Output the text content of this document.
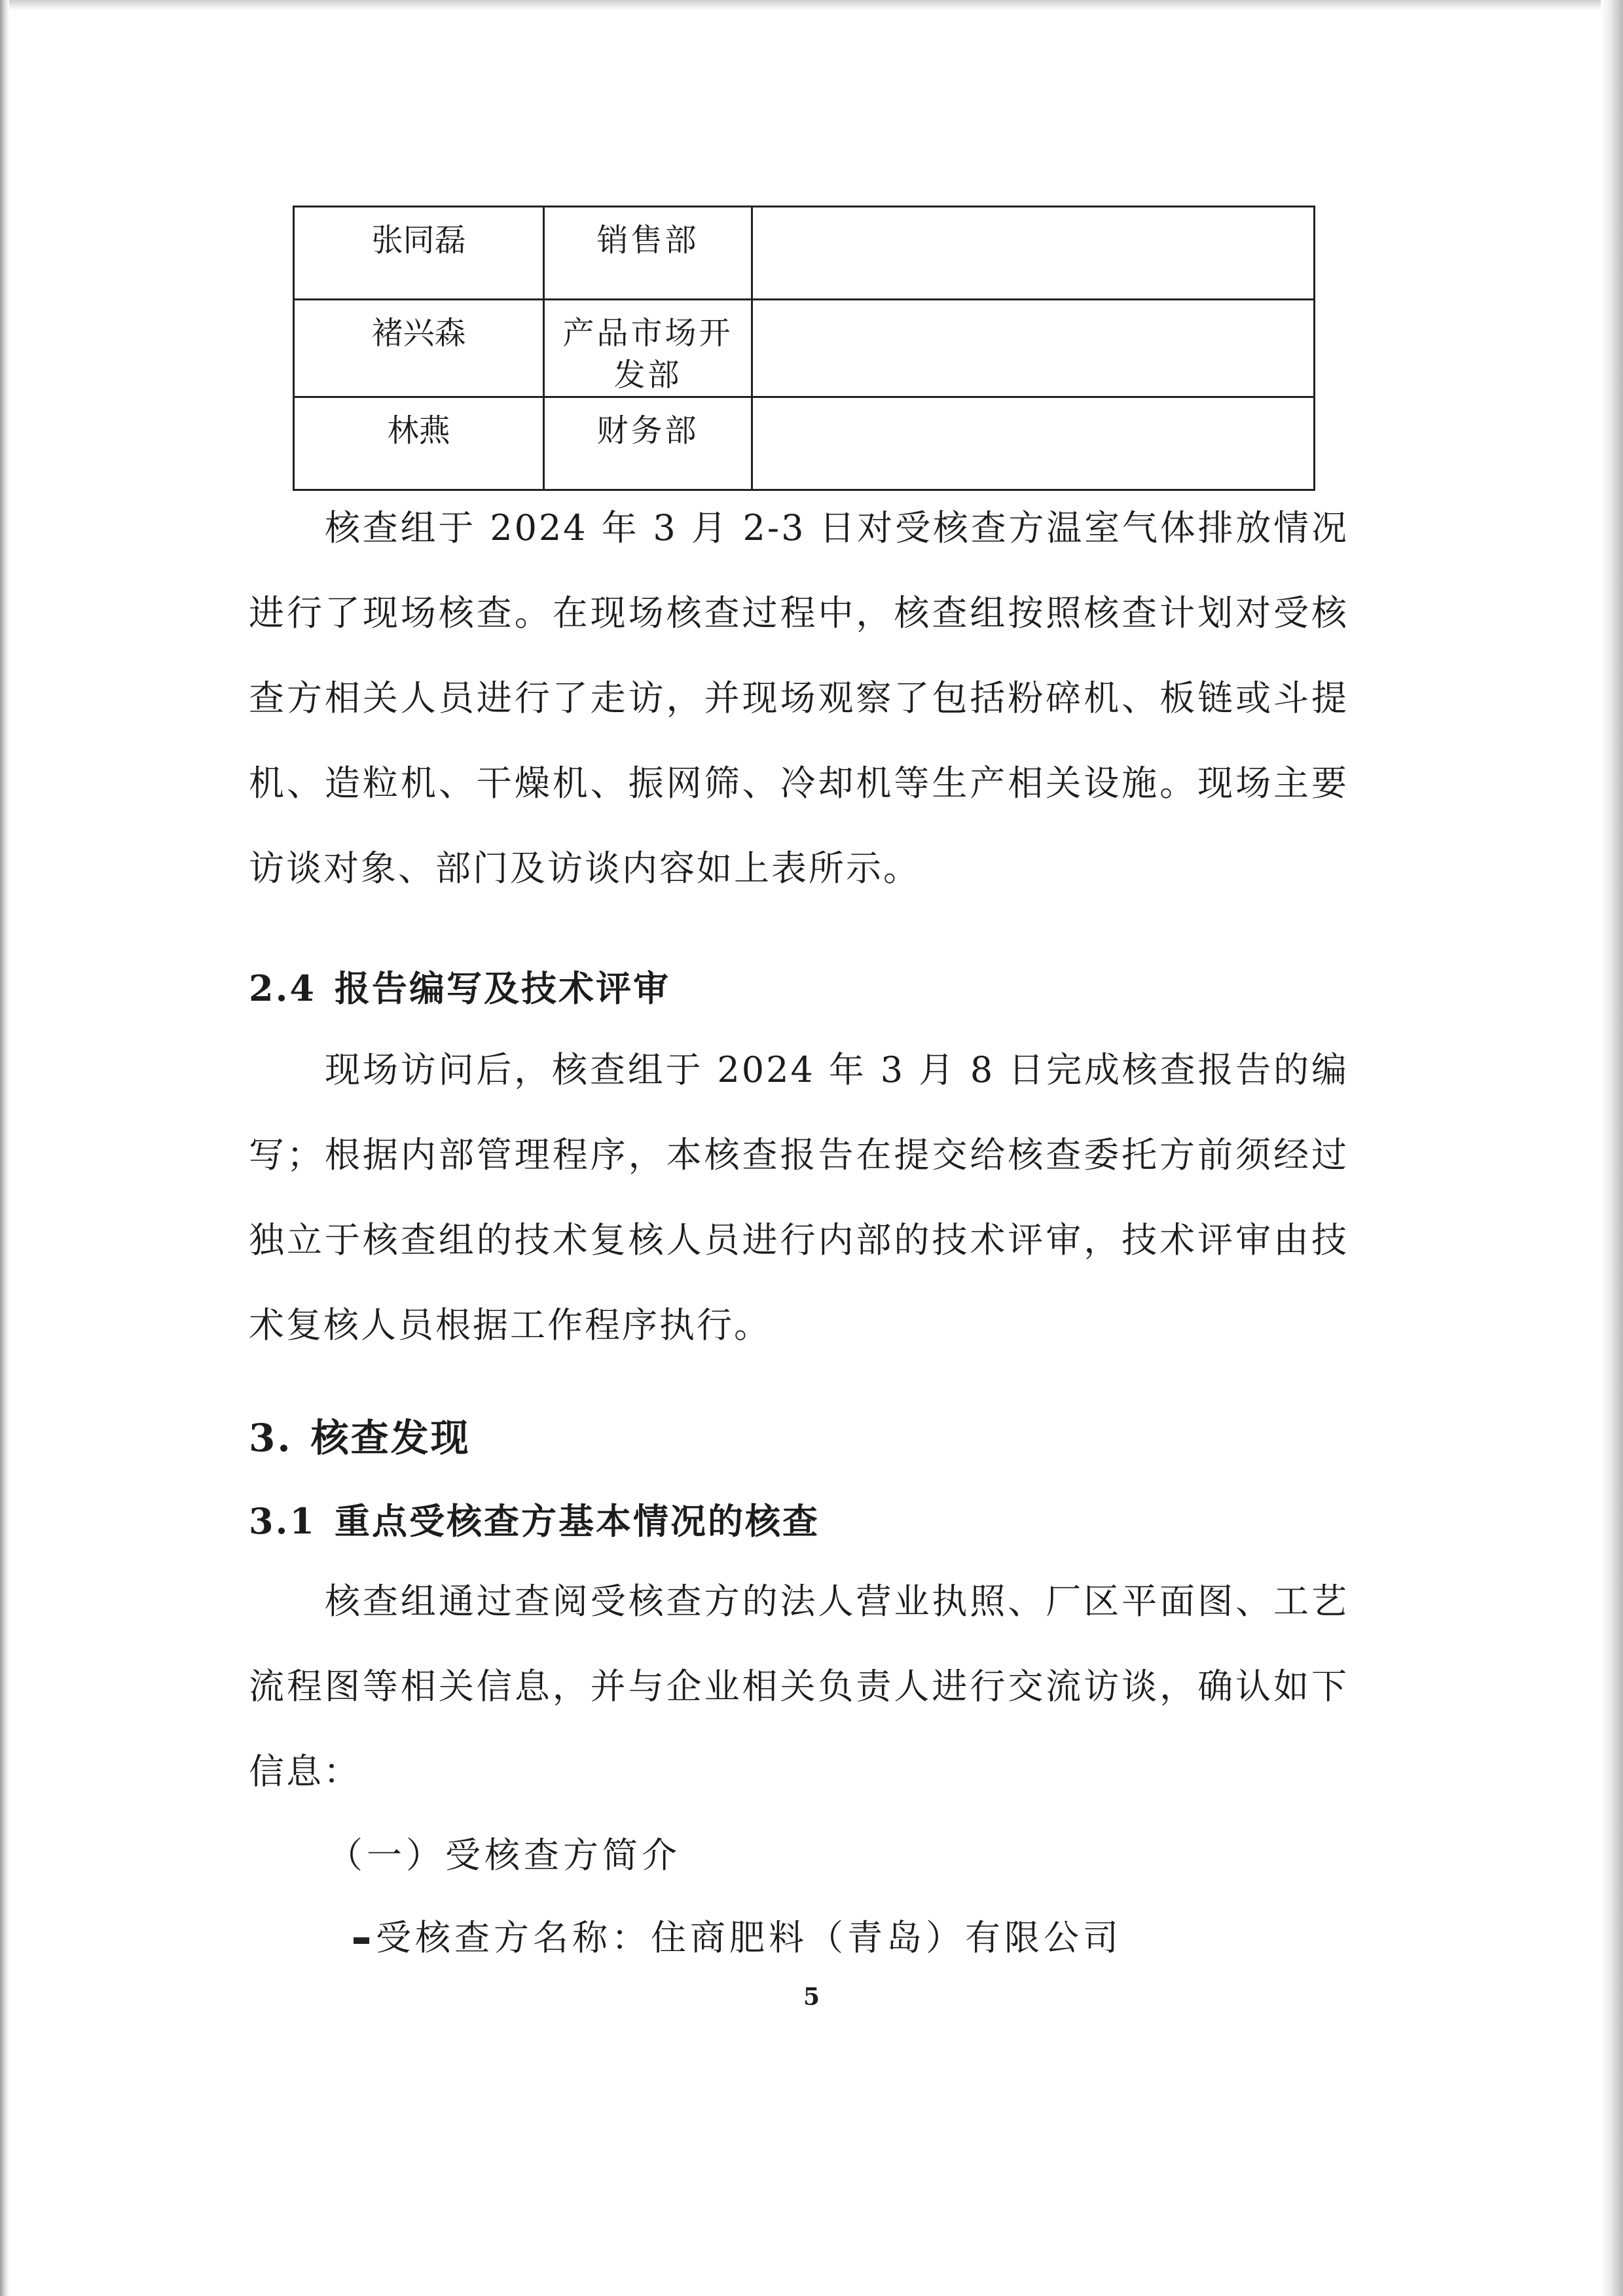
张同磊	销售部	

褚兴森	产品市场开
发部	

林燕	财务部	

核查组于 2024 年 3 月 2-3 日对受核查方温室气体排放情况进行了现场核查。在现场核查过程中，核查组按照核查计划对受核查方相关人员进行了走访，并现场观察了包括粉碎机、板链或斗提机、造粒机、干燥机、振网筛、冷却机等生产相关设施。现场主要访谈对象、部门及访谈内容如上表所示。
2.4 报告编写及技术评审
现场访问后，核查组于 2024 年 3 月 8 日完成核查报告的编写；根据内部管理程序，本核查报告在提交给核查委托方前须经过独立于核查组的技术复核人员进行内部的技术评审，技术评审由技术复核人员根据工作程序执行。
3. 核查发现
3.1 重点受核查方基本情况的核查
核查组通过查阅受核查方的法人营业执照、厂区平面图、工艺流程图等相关信息，并与企业相关负责人进行交流访谈，确认如下信息：
（一）受核查方简介
受核查方名称：住商肥料（青岛）有限公司
5
